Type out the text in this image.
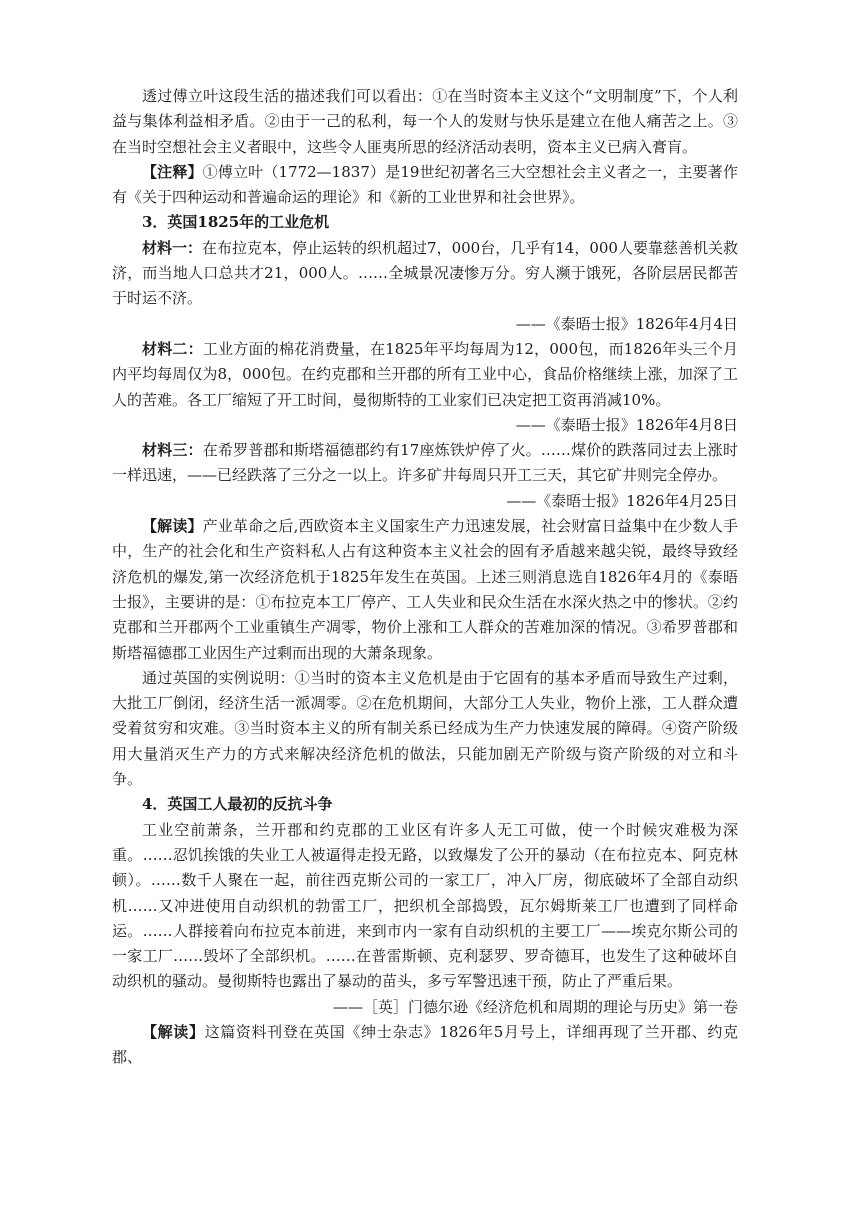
透过傅立叶这段生活的描述我们可以看出：①在当时资本主义这个“文明制度”下，个人利益与集体利益相矛盾。②由于一己的私利，每一个人的发财与快乐是建立在他人痛苦之上。③在当时空想社会主义者眼中，这些令人匪夷所思的经济活动表明，资本主义已病入膏肓。

【注释】①傅立叶（1772—1837）是19世纪初著名三大空想社会主义者之一，主要著作有《关于四种运动和普遍命运的理论》和《新的工业世界和社会世界》。

3．英国1825年的工业危机

材料一：在布拉克本，停止运转的织机超过7，000台，几乎有14，000人要靠慈善机关救济，而当地人口总共才21，000人。……全城景况凄惨万分。穷人濒于饿死，各阶层居民都苦于时运不济。

——《泰晤士报》1826年4月4日

材料二：工业方面的棉花消费量，在1825年平均每周为12，000包，而1826年头三个月内平均每周仅为8，000包。在约克郡和兰开郡的所有工业中心，食品价格继续上涨，加深了工人的苦难。各工厂缩短了开工时间，曼彻斯特的工业家们已决定把工资再消减10%。

——《泰晤士报》1826年4月8日

材料三：在希罗普郡和斯塔福德郡约有17座炼铁炉停了火。……煤价的跌落同过去上涨时一样迅速，——已经跌落了三分之一以上。许多矿井每周只开工三天，其它矿井则完全停办。

——《泰晤士报》1826年4月25日

【解读】产业革命之后,西欧资本主义国家生产力迅速发展，社会财富日益集中在少数人手中，生产的社会化和生产资料私人占有这种资本主义社会的固有矛盾越来越尖锐，最终导致经济危机的爆发,第一次经济危机于1825年发生在英国。上述三则消息选自1826年4月的《泰晤士报》，主要讲的是：①布拉克本工厂停产、工人失业和民众生活在水深火热之中的惨状。②约克郡和兰开郡两个工业重镇生产凋零，物价上涨和工人群众的苦难加深的情况。③希罗普郡和斯塔福德郡工业因生产过剩而出现的大萧条现象。

通过英国的实例说明：①当时的资本主义危机是由于它固有的基本矛盾而导致生产过剩，大批工厂倒闭，经济生活一派凋零。②在危机期间，大部分工人失业，物价上涨，工人群众遭受着贫穷和灾难。③当时资本主义的所有制关系已经成为生产力快速发展的障碍。④资产阶级用大量消灭生产力的方式来解决经济危机的做法，只能加剧无产阶级与资产阶级的对立和斗争。

4．英国工人最初的反抗斗争

工业空前萧条，兰开郡和约克郡的工业区有许多人无工可做，使一个时候灾难极为深重。……忍饥挨饿的失业工人被逼得走投无路，以致爆发了公开的暴动（在布拉克本、阿克林顿）。……数千人聚在一起，前往西克斯公司的一家工厂，冲入厂房，彻底破坏了全部自动织机……又冲进使用自动织机的勃雷工厂，把织机全部捣毁，瓦尔姆斯莱工厂也遭到了同样命运。……人群接着向布拉克本前进，来到市内一家有自动织机的主要工厂——埃克尔斯公司的一家工厂……毁坏了全部织机。……在普雷斯顿、克利瑟罗、罗奇德耳，也发生了这种破坏自动织机的骚动。曼彻斯特也露出了暴动的苗头，多亏军警迅速干预，防止了严重后果。

——［英］门德尔逊《经济危机和周期的理论与历史》第一卷

【解读】这篇资料刊登在英国《绅士杂志》1826年5月号上，详细再现了兰开郡、约克郡、
